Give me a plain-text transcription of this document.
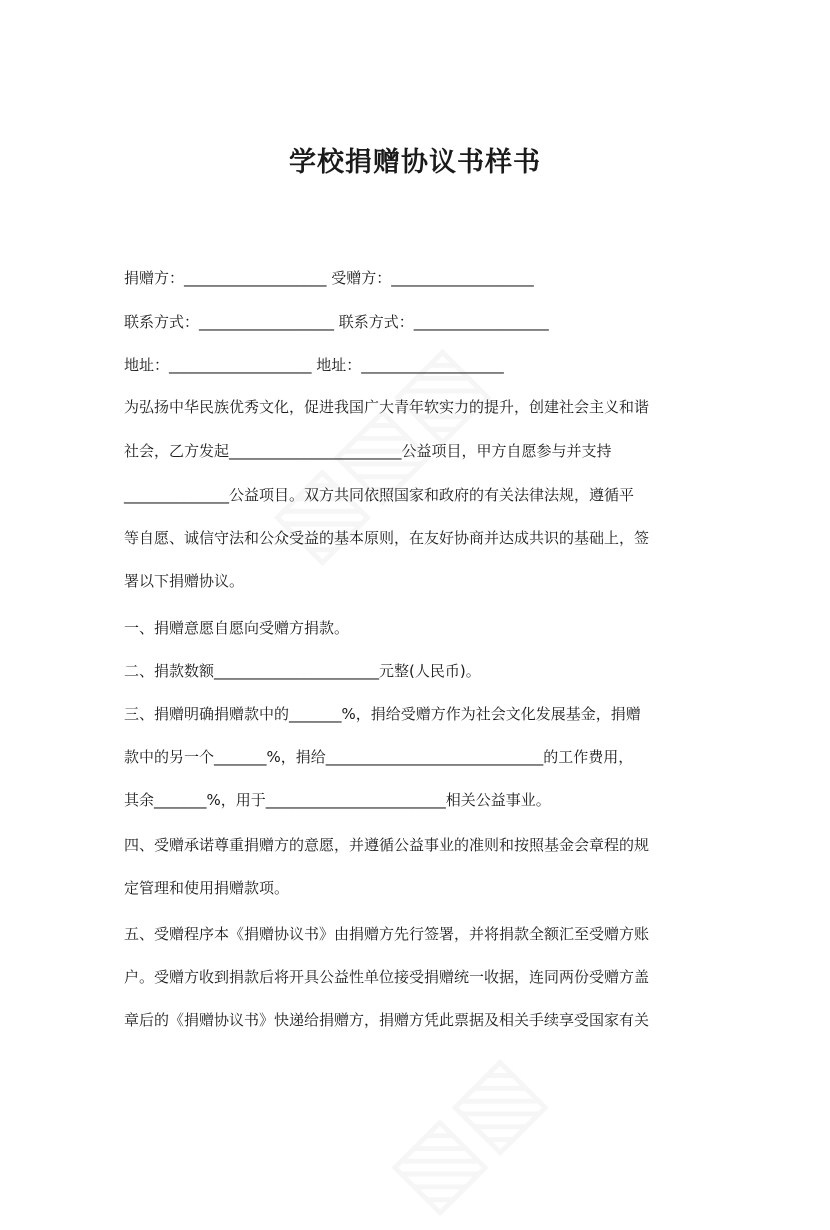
学校捐赠协议书样书
捐赠方：___________________ 受赠方：___________________
联系方式：__________________ 联系方式：__________________
地址：___________________ 地址：___________________
为弘扬中华民族优秀文化，促进我国广大青年软实力的提升，创建社会主义和谐
社会，乙方发起_______________________公益项目，甲方自愿参与并支持
______________公益项目。双方共同依照国家和政府的有关法律法规，遵循平
等自愿、诚信守法和公众受益的基本原则，在友好协商并达成共识的基础上，签
署以下捐赠协议。
一、捐赠意愿自愿向受赠方捐款。
二、捐款数额______________________元整(人民币)。
三、捐赠明确捐赠款中的_______%，捐给受赠方作为社会文化发展基金，捐赠
款中的另一个_______%，捐给_____________________________的工作费用，
其余_______%，用于________________________相关公益事业。
四、受赠承诺尊重捐赠方的意愿，并遵循公益事业的准则和按照基金会章程的规
定管理和使用捐赠款项。
五、受赠程序本《捐赠协议书》由捐赠方先行签署，并将捐款全额汇至受赠方账
户。受赠方收到捐款后将开具公益性单位接受捐赠统一收据，连同两份受赠方盖
章后的《捐赠协议书》快递给捐赠方，捐赠方凭此票据及相关手续享受国家有关
